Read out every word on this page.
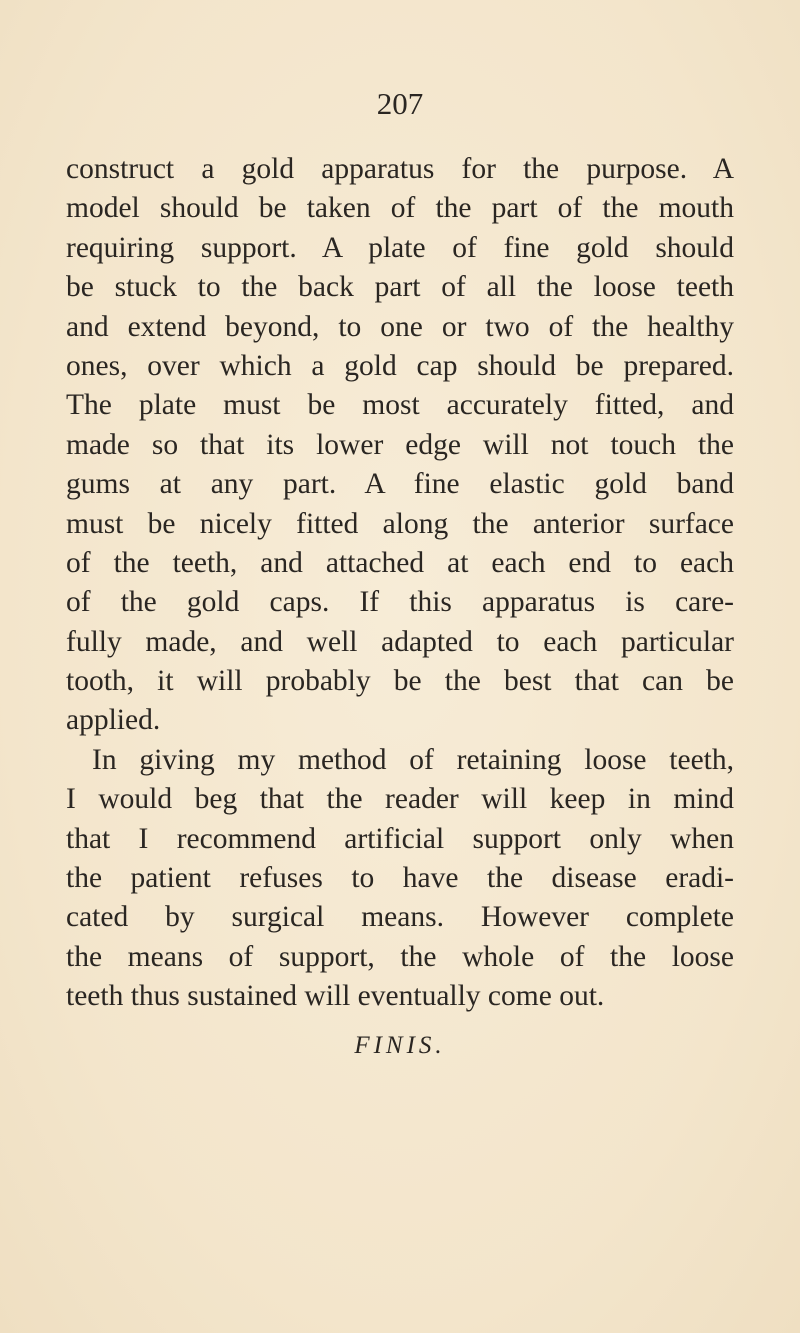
207
construct a gold apparatus for the purpose. A
model should be taken of the part of the mouth
requiring support. A plate of fine gold should
be stuck to the back part of all the loose teeth
and extend beyond, to one or two of the healthy
ones, over which a gold cap should be prepared.
The plate must be most accurately fitted, and
made so that its lower edge will not touch the
gums at any part. A fine elastic gold band
must be nicely fitted along the anterior surface
of the teeth, and attached at each end to each
of the gold caps. If this apparatus is care-
fully made, and well adapted to each particular
tooth, it will probably be the best that can be
applied.
In giving my method of retaining loose teeth,
I would beg that the reader will keep in mind
that I recommend artificial support only when
the patient refuses to have the disease eradi-
cated by surgical means. However complete
the means of support, the whole of the loose
teeth thus sustained will eventually come out.
FINIS.
